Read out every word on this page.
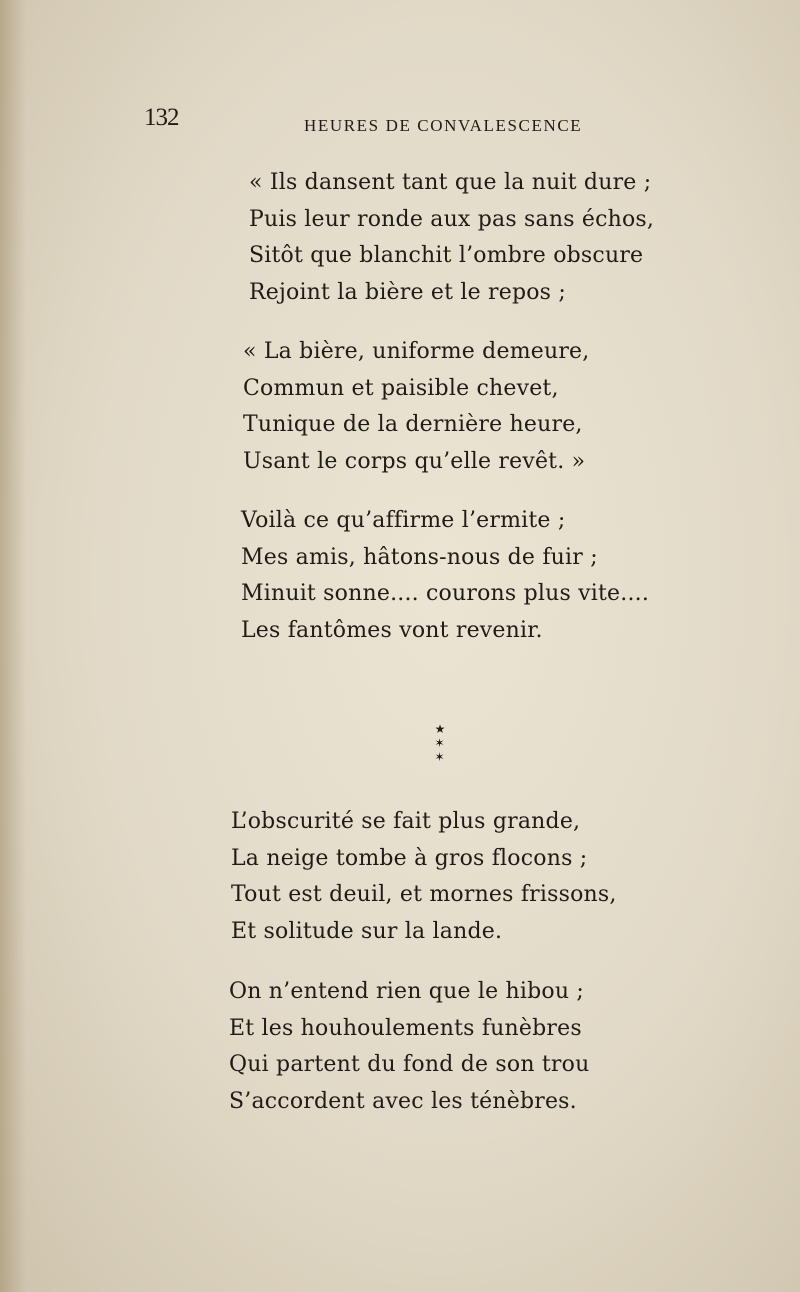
132	HEURES DE CONVALESCENCE
« Ils dansent tant que la nuit dure ;
Puis leur ronde aux pas sans échos,
Sitôt que blanchit l’ombre obscure
Rejoint la bière et le repos ;
« La bière, uniforme demeure,
Commun et paisible chevet,
Tunique de la dernière heure,
Usant le corps qu’elle revêt. »
Voilà ce qu’affirme l’ermite ;
Mes amis, hâtons-nous de fuir ;
Minuit sonne.... courons plus vite....
Les fantômes vont revenir.
★
✶ ✶
L’obscurité se fait plus grande,
La neige tombe à gros flocons ;
Tout est deuil, et mornes frissons,
Et solitude sur la lande.
On n’entend rien que le hibou ;
Et les houhoulements funèbres
Qui partent du fond de son trou
S’accordent avec les ténèbres.
